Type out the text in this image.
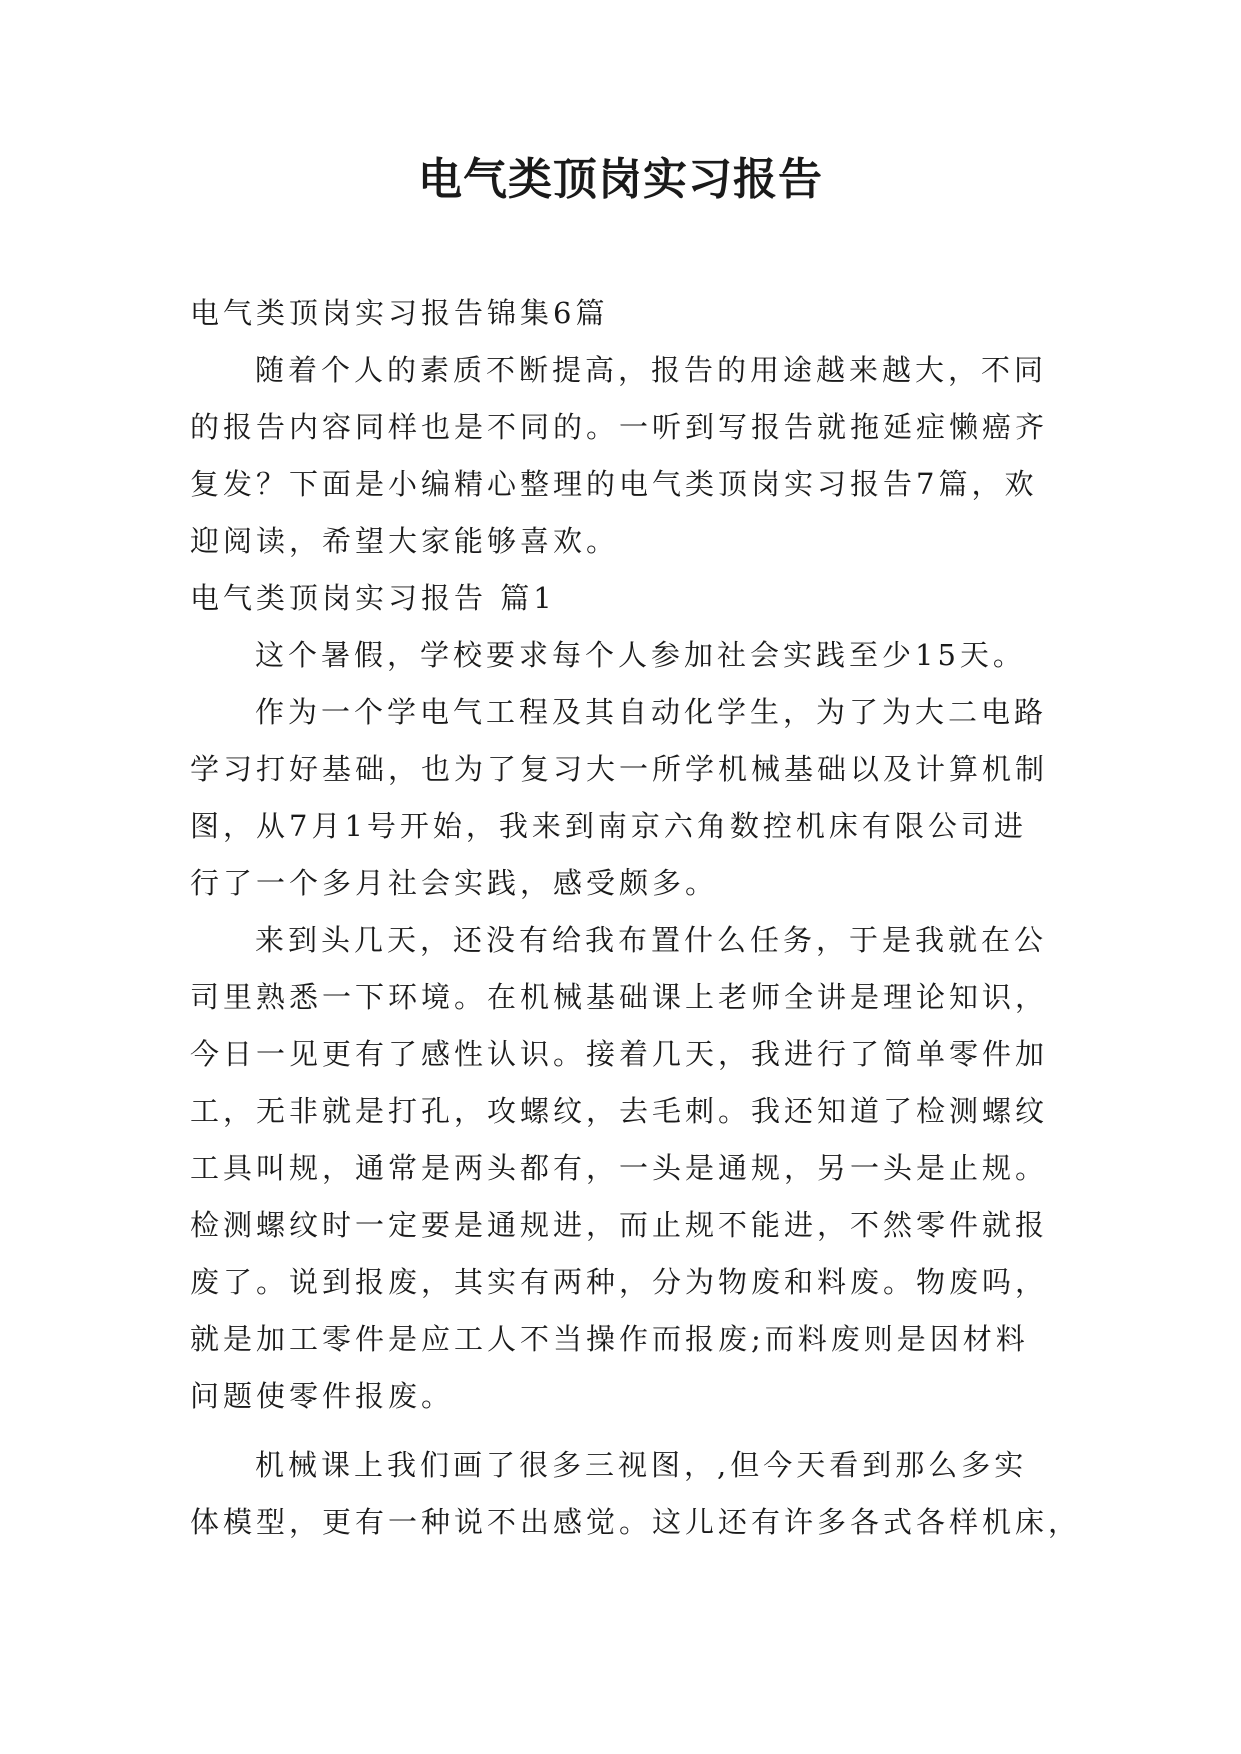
电气类顶岗实习报告

电气类顶岗实习报告锦集6篇

随着个人的素质不断提高，报告的用途越来越大，不同

的报告内容同样也是不同的。一听到写报告就拖延症懒癌齐

复发？下面是小编精心整理的电气类顶岗实习报告7篇，欢

迎阅读，希望大家能够喜欢。

电气类顶岗实习报告 篇1

这个暑假，学校要求每个人参加社会实践至少15天。

作为一个学电气工程及其自动化学生，为了为大二电路

学习打好基础，也为了复习大一所学机械基础以及计算机制

图，从7月1号开始，我来到南京六角数控机床有限公司进

行了一个多月社会实践，感受颇多。

来到头几天，还没有给我布置什么任务，于是我就在公

司里熟悉一下环境。在机械基础课上老师全讲是理论知识，

今日一见更有了感性认识。接着几天，我进行了简单零件加

工，无非就是打孔，攻螺纹，去毛刺。我还知道了检测螺纹

工具叫规，通常是两头都有，一头是通规，另一头是止规。

检测螺纹时一定要是通规进，而止规不能进，不然零件就报

废了。说到报废，其实有两种，分为物废和料废。物废吗，

就是加工零件是应工人不当操作而报废;而料废则是因材料

问题使零件报废。

机械课上我们画了很多三视图，,但今天看到那么多实

体模型，更有一种说不出感觉。这儿还有许多各式各样机床，
